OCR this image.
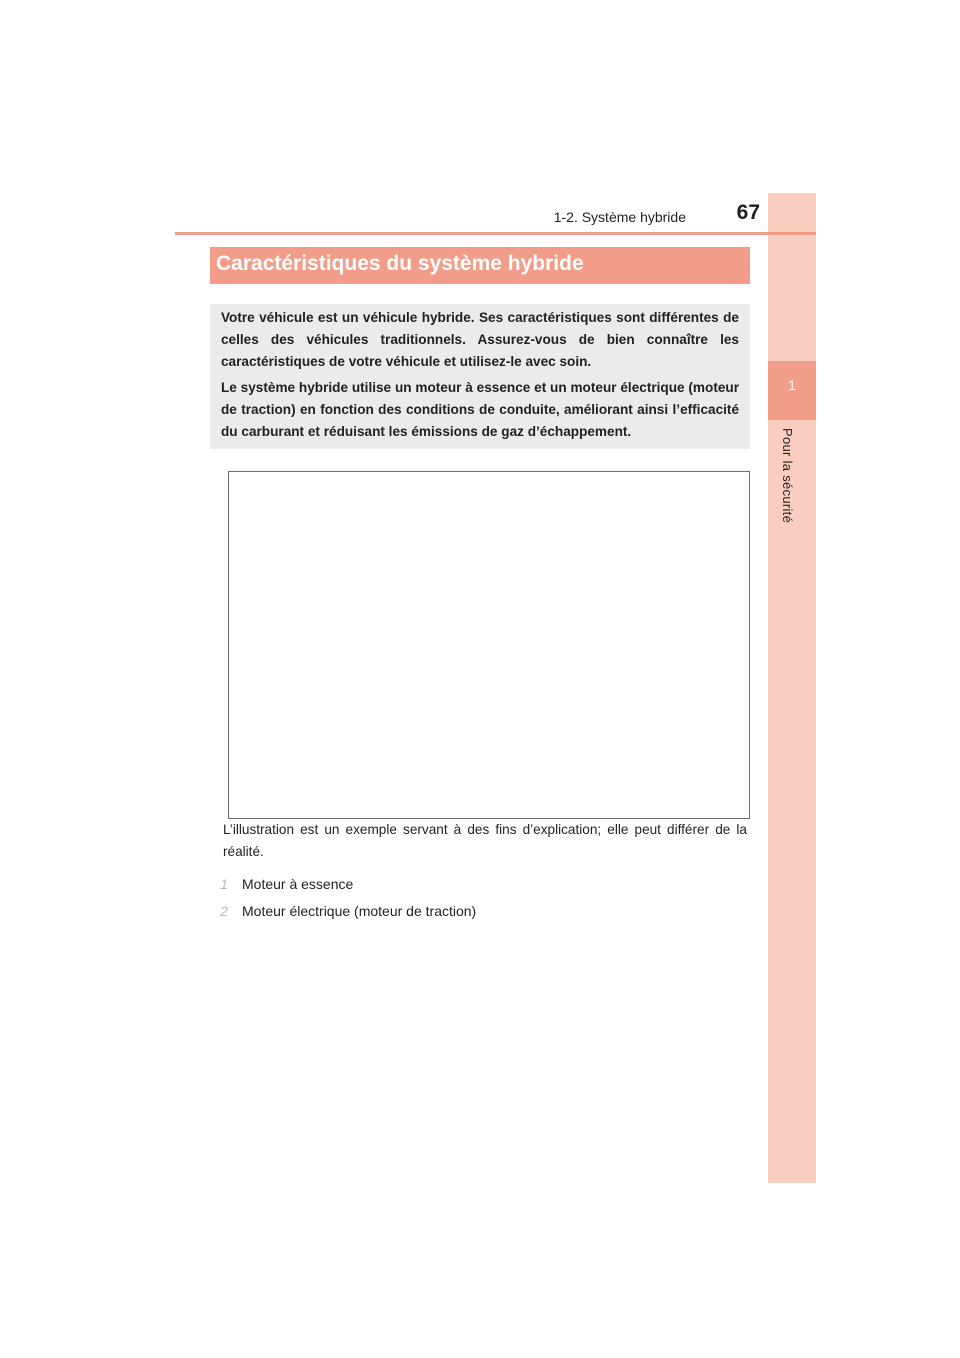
1
Pour la sécurité
1-2. Système hybride	67
Caractéristiques du système hybride

Votre véhicule est un véhicule hybride. Ses caractéristiques sont différentes de celles des véhicules traditionnels. Assurez-vous de bien connaître les caractéristiques de votre véhicule et utilisez-le avec soin.

Le système hybride utilise un moteur à essence et un moteur électrique (moteur de traction) en fonction des conditions de conduite, améliorant ainsi l’efficacité du carburant et réduisant les émissions de gaz d’échappement.

L’illustration est un exemple servant à des fins d’explication; elle peut différer de la réalité.

1	Moteur à essence
2	Moteur électrique (moteur de traction)
